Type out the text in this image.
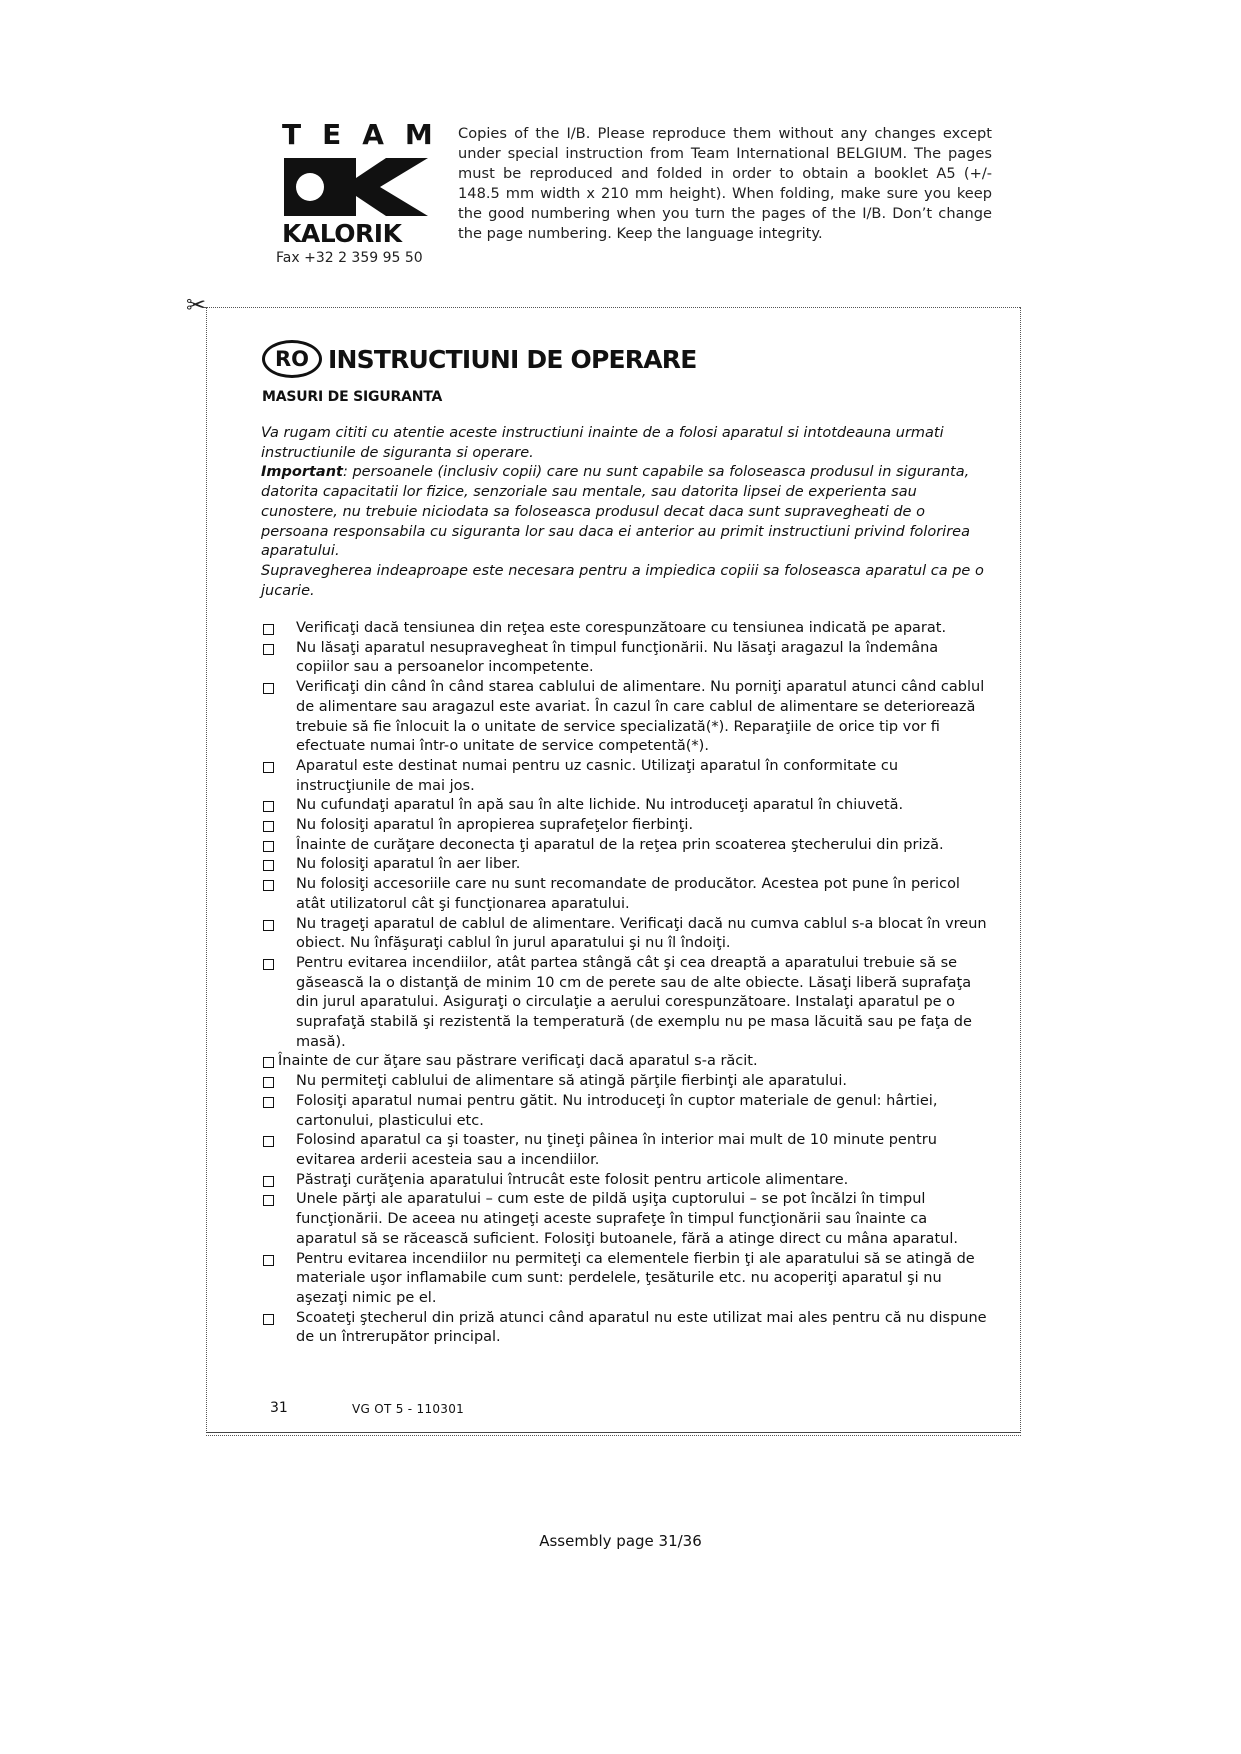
TEAM
KALORIK
Fax +32 2 359 95 50
Copies of the I/B. Please reproduce them without any changes except under special instruction from Team International BELGIUM. The pages must be reproduced and folded in order to obtain a booklet A5 (+/- 148.5 mm width x 210 mm height). When folding, make sure you keep the good numbering when you turn the pages of the I/B. Don’t change the page numbering. Keep the language integrity.
✂
RO INSTRUCTIUNI DE OPERARE
MASURI DE SIGURANTA

Va rugam cititi cu atentie aceste instructiuni inainte de a folosi aparatul si intotdeauna urmati instructiunile de siguranta si operare.

Important: persoanele (inclusiv copii) care nu sunt capabile sa foloseasca produsul in siguranta, datorita capacitatii lor fizice, senzoriale sau mentale, sau datorita lipsei de experienta sau cunostere, nu trebuie niciodata sa foloseasca produsul decat daca sunt supravegheati de o persoana responsabila cu siguranta lor sau daca ei anterior au primit instructiuni privind folorirea aparatului.

Supravegherea indeaproape este necesara pentru a impiedica copiii sa foloseasca aparatul ca pe o jucarie.

Verificaţi dacă tensiunea din reţea este corespunzătoare cu tensiunea indicată pe aparat.
Nu lăsaţi aparatul nesupravegheat în timpul funcţionării. Nu lăsaţi aragazul la îndemâna copiilor sau a persoanelor incompetente.
Verificaţi din când în când starea cablului de alimentare. Nu porniţi aparatul atunci când cablul de alimentare sau aragazul este avariat. În cazul în care cablul de alimentare se deteriorează trebuie să fie înlocuit la o unitate de service specializată(*). Reparaţiile de orice tip vor fi efectuate numai într-o unitate de service competentă(*).
Aparatul este destinat numai pentru uz casnic. Utilizaţi aparatul în conformitate cu instrucţiunile de mai jos.
Nu cufundaţi aparatul în apă sau în alte lichide. Nu introduceţi aparatul în chiuvetă.
Nu folosiţi aparatul în apropierea suprafeţelor fierbinţi.
Înainte de curăţare deconecta ţi aparatul de la reţea prin scoaterea ştecherului din priză.
Nu folosiţi aparatul în aer liber.
Nu folosiţi accesoriile care nu sunt recomandate de producător. Acestea pot pune în pericol atât utilizatorul cât şi funcţionarea aparatului.
Nu trageţi aparatul de cablul de alimentare. Verificaţi dacă nu cumva cablul s-a blocat în vreun obiect. Nu înfăşuraţi cablul în jurul aparatului şi nu îl îndoiţi.
Pentru evitarea incendiilor, atât partea stângă cât şi cea dreaptă a aparatului trebuie să se găsească la o distanţă de minim 10 cm de perete sau de alte obiecte. Lăsaţi liberă suprafaţa din jurul aparatului. Asiguraţi o circulaţie a aerului corespunzătoare. Instalaţi aparatul pe o suprafaţă stabilă şi rezistentă la temperatură (de exemplu nu pe masa lăcuită sau pe faţa de masă).
Înainte de cur ăţare sau păstrare verificaţi dacă aparatul s-a răcit.
Nu permiteţi cablului de alimentare să atingă părţile fierbinţi ale aparatului.
Folosiţi aparatul numai pentru gătit. Nu introduceţi în cuptor materiale de genul: hârtiei, cartonului, plasticului etc.
Folosind aparatul ca şi toaster, nu ţineţi pâinea în interior mai mult de 10 minute pentru evitarea arderii acesteia sau a incendiilor.
Păstraţi curăţenia aparatului întrucât este folosit pentru articole alimentare.
Unele părţi ale aparatului – cum este de pildă uşiţa cuptorului – se pot încălzi în timpul funcţionării. De aceea nu atingeţi aceste suprafeţe în timpul funcţionării sau înainte ca aparatul să se răcească suficient. Folosiţi butoanele, fără a atinge direct cu mâna aparatul.
Pentru evitarea incendiilor nu permiteţi ca elementele fierbin ţi ale aparatului să se atingă de materiale uşor inflamabile cum sunt: perdelele, ţesăturile etc. nu acoperiţi aparatul şi nu aşezaţi nimic pe el.
Scoateţi ştecherul din priză atunci când aparatul nu este utilizat mai ales pentru că nu dispune de un întrerupător principal.
31	VG OT 5 - 110301
Assembly page 31/36
